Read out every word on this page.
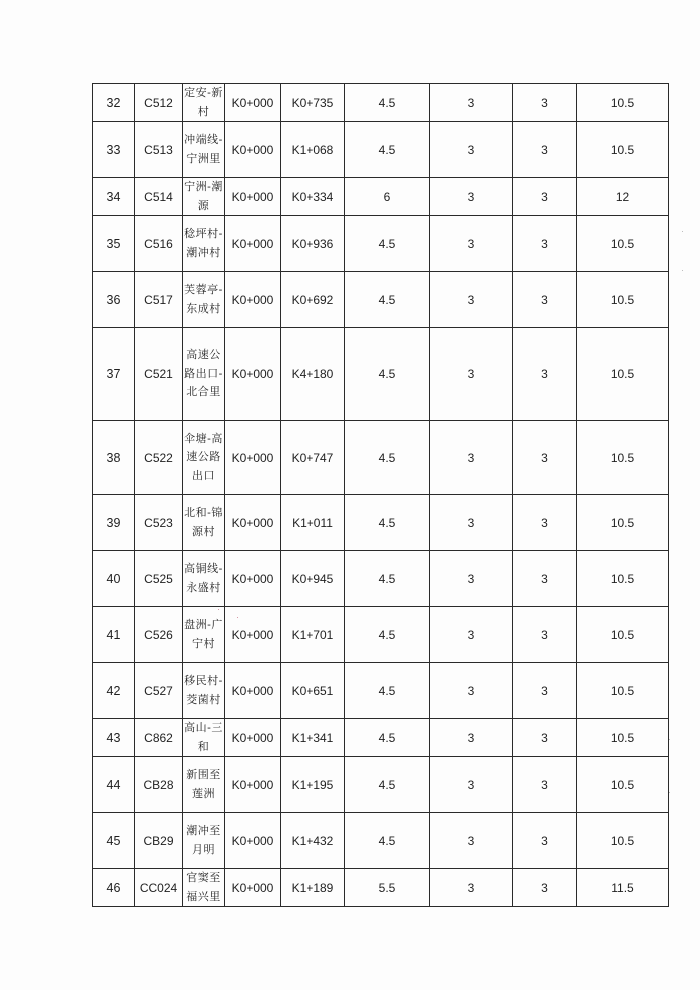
32	C512	定安-新村	K0+000	K0+735	4.5	3	3	10.5
33	C513	冲端线-宁洲里	K0+000	K1+068	4.5	3	3	10.5
34	C514	宁洲-潮源	K0+000	K0+334	6	3	3	12
35	C516	稔坪村-潮冲村	K0+000	K0+936	4.5	3	3	10.5
36	C517	芙蓉亭-东成村	K0+000	K0+692	4.5	3	3	10.5
37	C521	高速公路出口-北合里	K0+000	K4+180	4.5	3	3	10.5
38	C522	伞塘-高速公路出口	K0+000	K0+747	4.5	3	3	10.5
39	C523	北和-锦源村	K0+000	K1+011	4.5	3	3	10.5
40	C525	高铜线-永盛村	K0+000	K0+945	4.5	3	3	10.5
41	C526	盘洲-广宁村	K0+000	K1+701	4.5	3	3	10.5
42	C527	移民村-茭菌村	K0+000	K0+651	4.5	3	3	10.5
43	C862	高山-三和	K0+000	K1+341	4.5	3	3	10.5
44	CB28	新围至莲洲	K0+000	K1+195	4.5	3	3	10.5
45	CB29	潮冲至月明	K0+000	K1+432	4.5	3	3	10.5
46	CC024	官窦至福兴里	K0+000	K1+189	5.5	3	3	11.5
·
·
·
·
·
·
